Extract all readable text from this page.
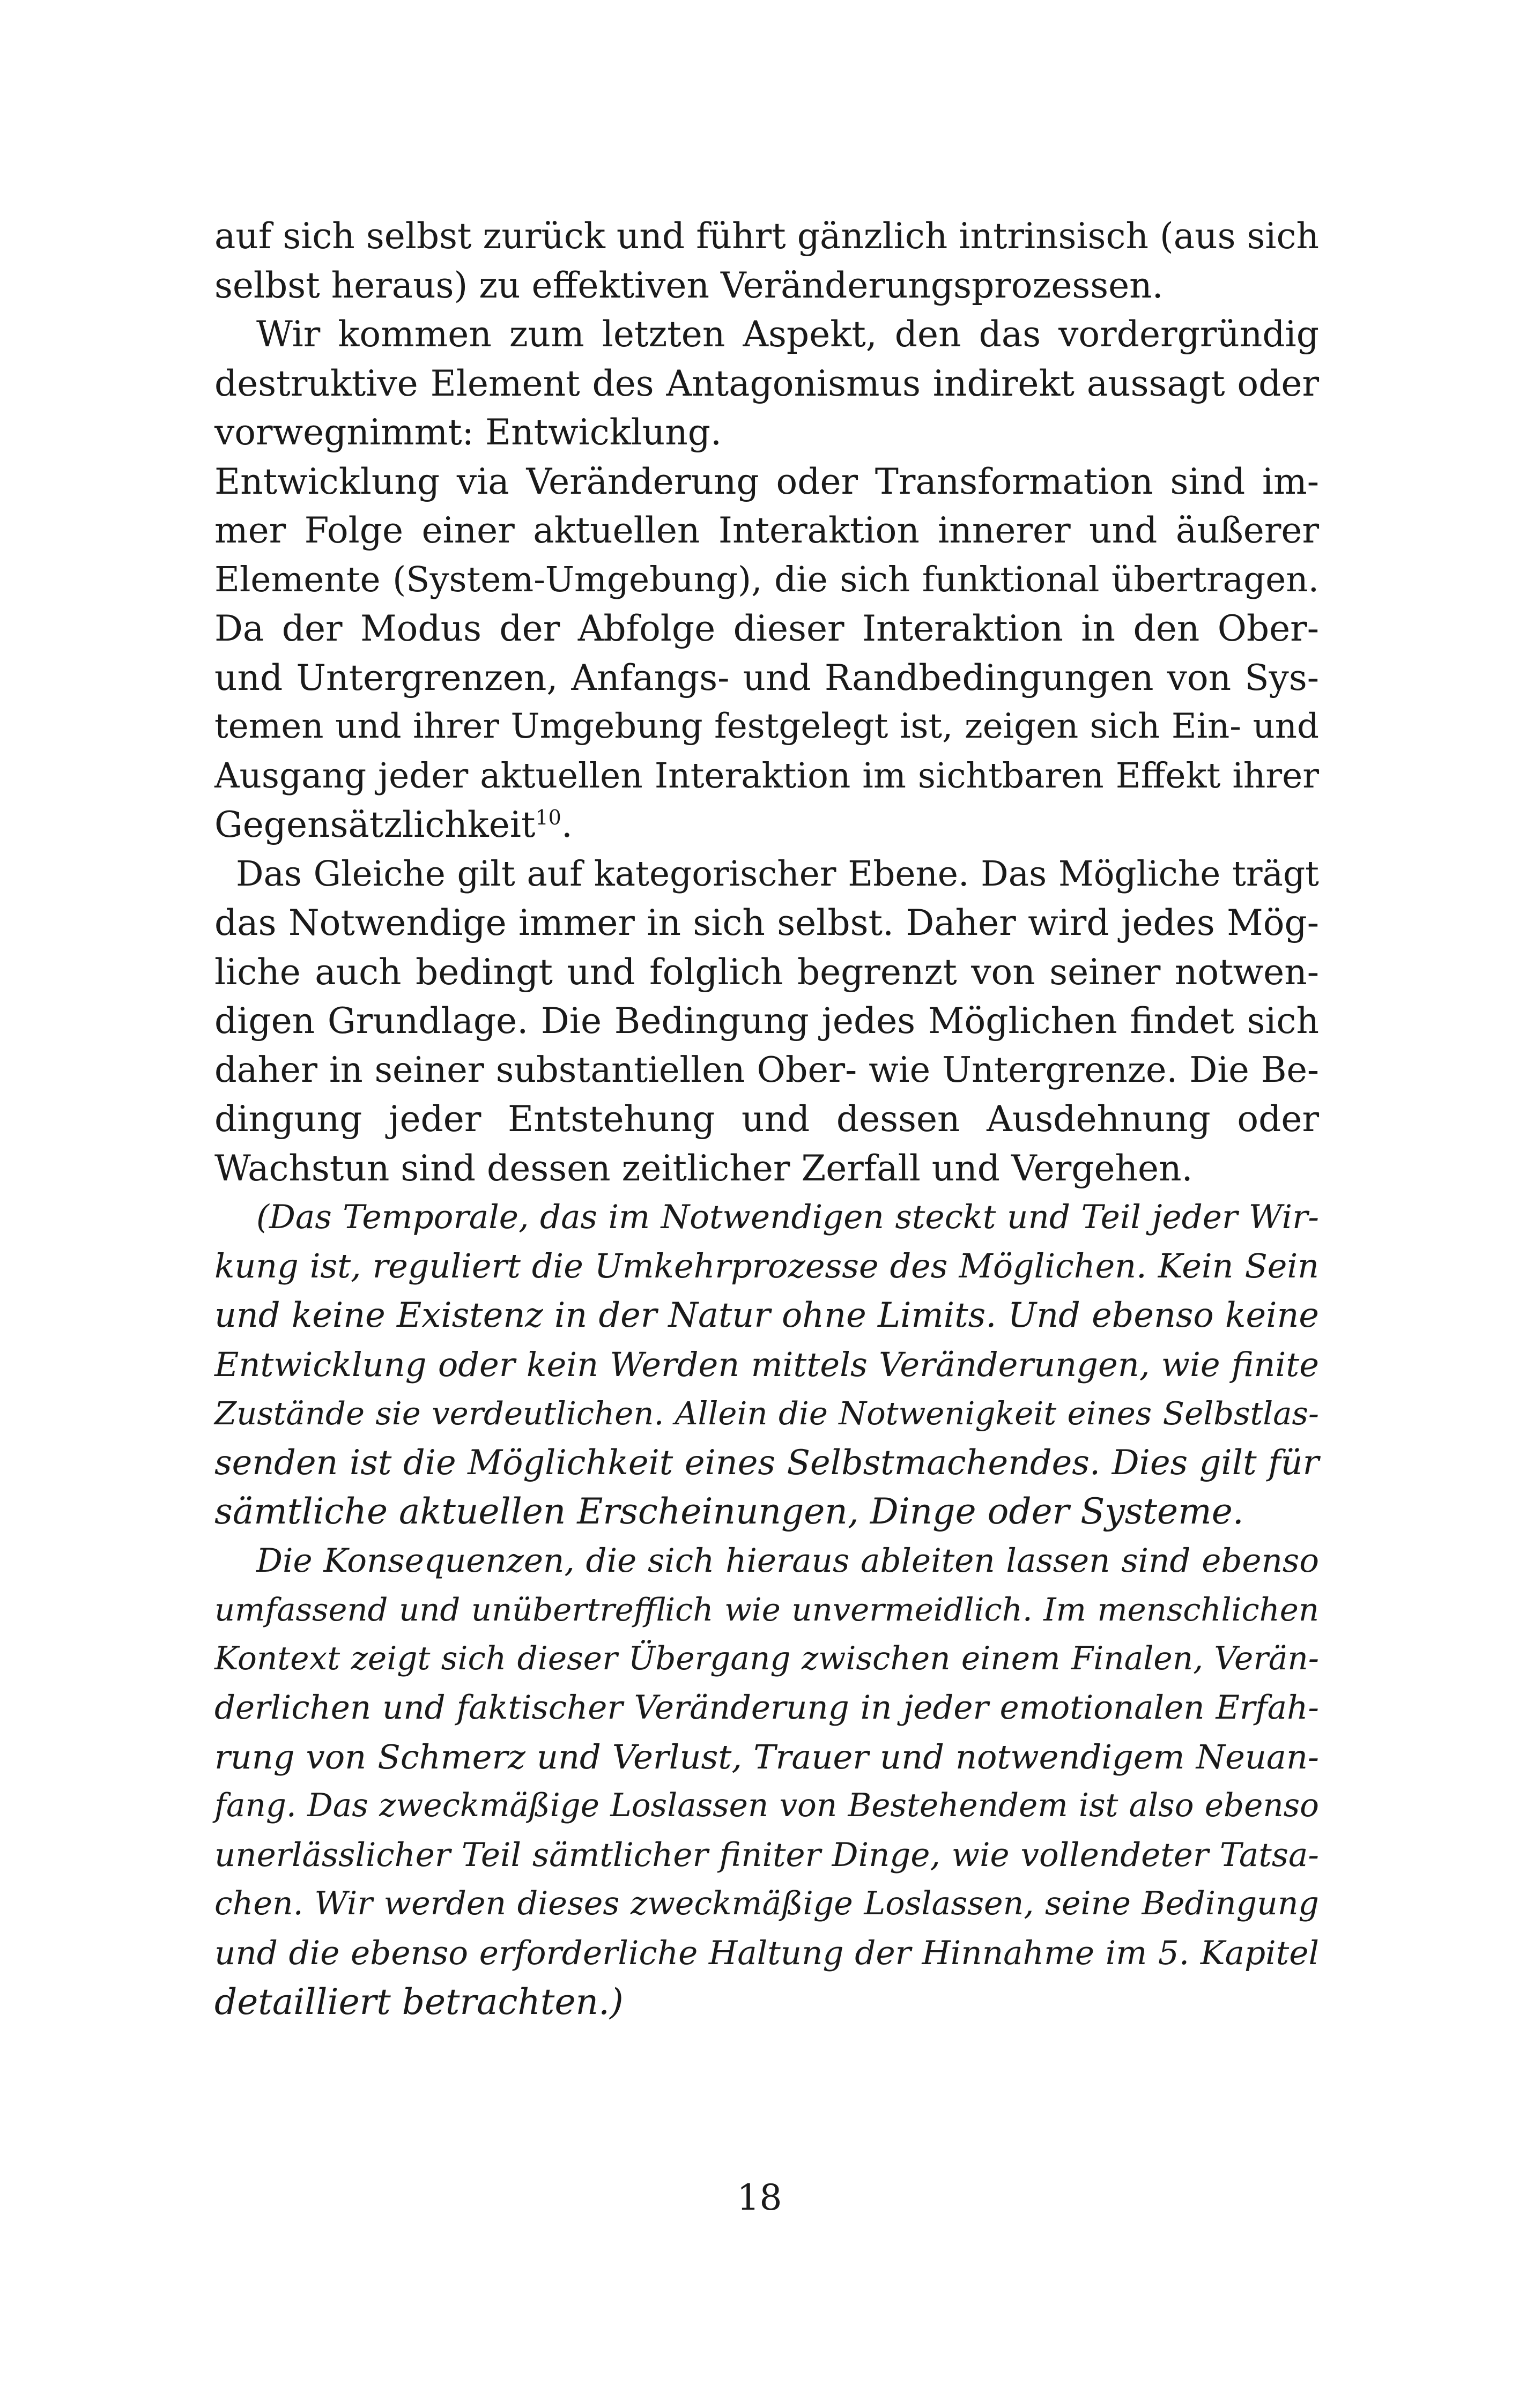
auf sich selbst zurück und führt gänzlich intrinsisch (aus sich
selbst heraus) zu effektiven Veränderungsprozessen.
Wir kommen zum letzten Aspekt, den das vordergründig
destruktive Element des Antagonismus indirekt aussagt oder
vorwegnimmt: Entwicklung.
Entwicklung via Veränderung oder Transformation sind im-
mer Folge einer aktuellen Interaktion innerer und äußerer
Elemente (System-Umgebung), die sich funktional übertragen.
Da der Modus der Abfolge dieser Interaktion in den Ober-
und Untergrenzen, Anfangs- und Randbedingungen von Sys-
temen und ihrer Umgebung festgelegt ist, zeigen sich Ein- und
Ausgang jeder aktuellen Interaktion im sichtbaren Effekt ihrer
Gegensätzlichkeit$^{10}$.
Das Gleiche gilt auf kategorischer Ebene. Das Mögliche trägt
das Notwendige immer in sich selbst. Daher wird jedes Mög-
liche auch bedingt und folglich begrenzt von seiner notwen-
digen Grundlage. Die Bedingung jedes Möglichen findet sich
daher in seiner substantiellen Ober- wie Untergrenze. Die Be-
dingung jeder Entstehung und dessen Ausdehnung oder
Wachstun sind dessen zeitlicher Zerfall und Vergehen.
(Das Temporale, das im Notwendigen steckt und Teil jeder Wir-
kung ist, reguliert die Umkehrprozesse des Möglichen. Kein Sein
und keine Existenz in der Natur ohne Limits. Und ebenso keine
Entwicklung oder kein Werden mittels Veränderungen, wie finite
Zustände sie verdeutlichen. Allein die Notwenigkeit eines Selbstlas-
senden ist die Möglichkeit eines Selbstmachendes. Dies gilt für
sämtliche aktuellen Erscheinungen, Dinge oder Systeme.
Die Konsequenzen, die sich hieraus ableiten lassen sind ebenso
umfassend und unübertrefflich wie unvermeidlich. Im menschlichen
Kontext zeigt sich dieser Übergang zwischen einem Finalen, Verän-
derlichen und faktischer Veränderung in jeder emotionalen Erfah-
rung von Schmerz und Verlust, Trauer und notwendigem Neuan-
fang. Das zweckmäßige Loslassen von Bestehendem ist also ebenso
unerlässlicher Teil sämtlicher finiter Dinge, wie vollendeter Tatsa-
chen. Wir werden dieses zweckmäßige Loslassen, seine Bedingung
und die ebenso erforderliche Haltung der Hinnahme im 5. Kapitel
detailliert betrachten.)
18
